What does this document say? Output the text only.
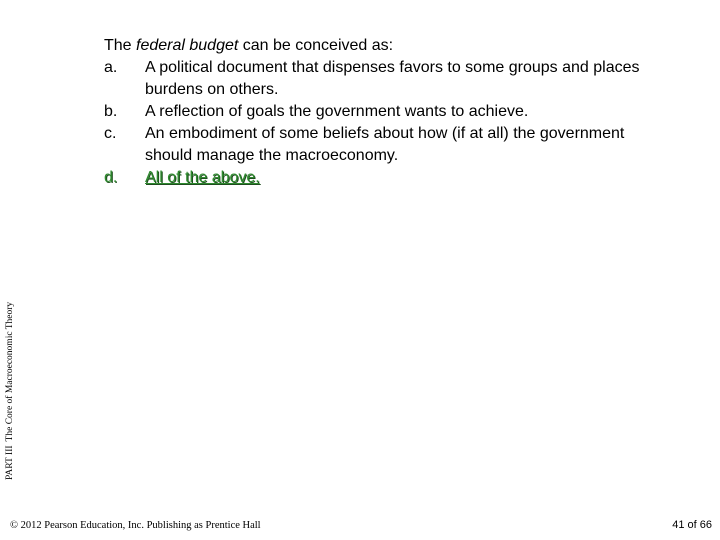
PART IIIThe Core of Macroeconomic Theory

The federal budget can be conceived as:

a.	A political document that dispenses favors to some groups and places burdens on others.
b.	A reflection of goals the government wants to achieve.
c.	An embodiment of some beliefs about how (if at all) the government should manage the macroeconomy.
d.	All of the above.
© 2012 Pearson Education, Inc. Publishing as Prentice Hall	41 of 66
